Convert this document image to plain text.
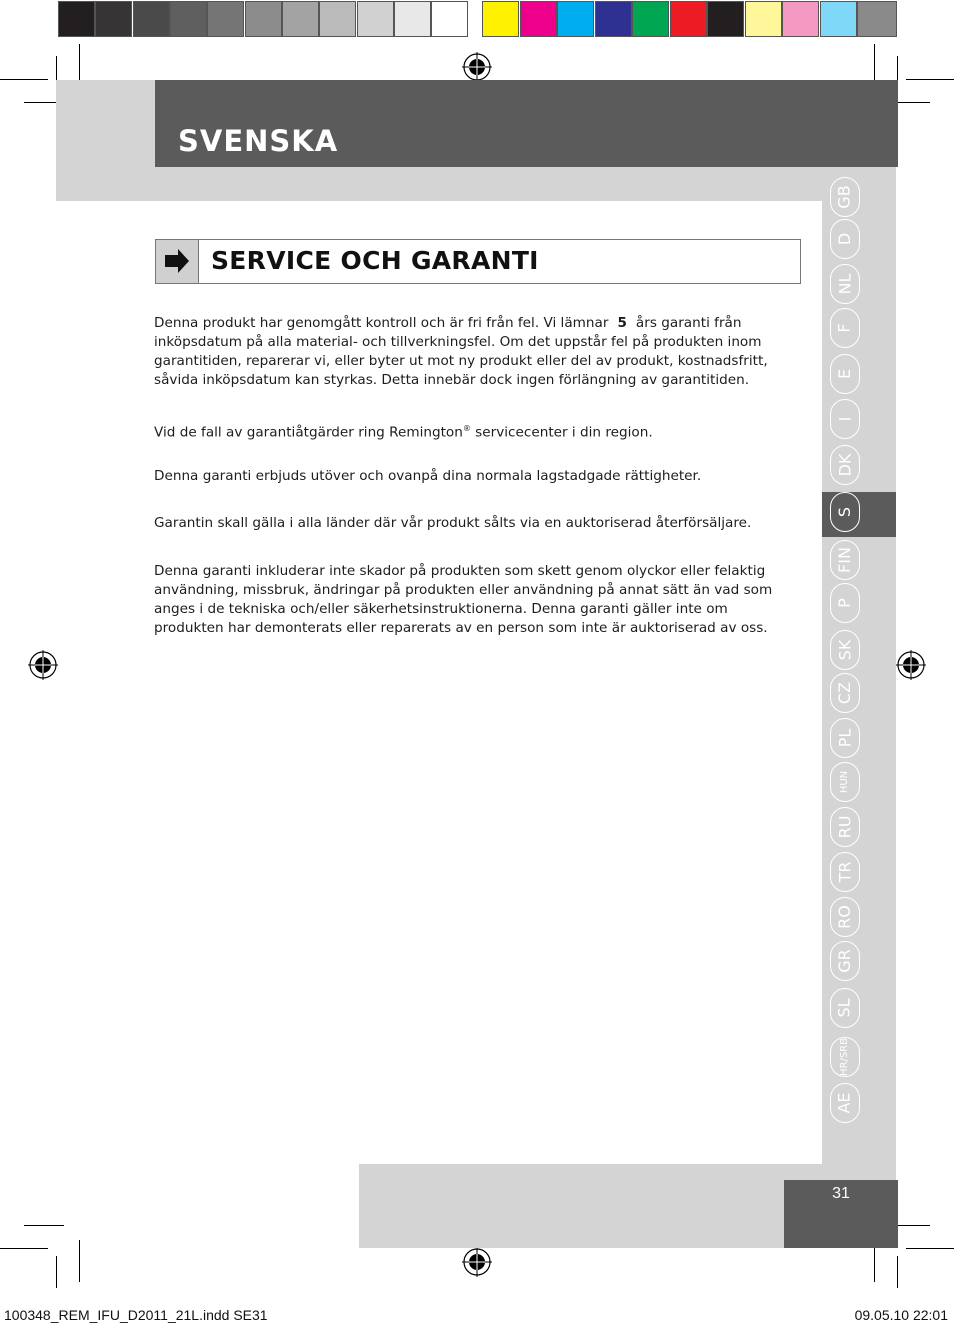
SVENSKA
GB
D
NL
F
E
I
DK
S
FIN
P
SK
CZ
PL
HUN
RU
TR
RO
GR
SL
HR/SRB
AE
31
SERVICE OCH GARANTI

Denna produkt har genomgått kontroll och är fri från fel. Vi lämnar 5 års garanti från inköpsdatum på alla material- och tillverkningsfel. Om det uppstår fel på produkten inom garantitiden, reparerar vi, eller byter ut mot ny produkt eller del av produkt, kostnadsfritt, såvida inköpsdatum kan styrkas. Detta innebär dock ingen förlängning av garantitiden.

Vid de fall av garantiåtgärder ring Remington® servicecenter i din region.

Denna garanti erbjuds utöver och ovanpå dina normala lagstadgade rättigheter.

Garantin skall gälla i alla länder där vår produkt sålts via en auktoriserad återförsäljare.

Denna garanti inkluderar inte skador på produkten som skett genom olyckor eller felaktig användning, missbruk, ändringar på produkten eller användning på annat sätt än vad som anges i de tekniska och/eller säkerhetsinstruktionerna. Denna garanti gäller inte om produkten har demonterats eller reparerats av en person som inte är auktoriserad av oss.

100348_REM_IFU_D2011_21L.indd SE31	09.05.10 22:01
